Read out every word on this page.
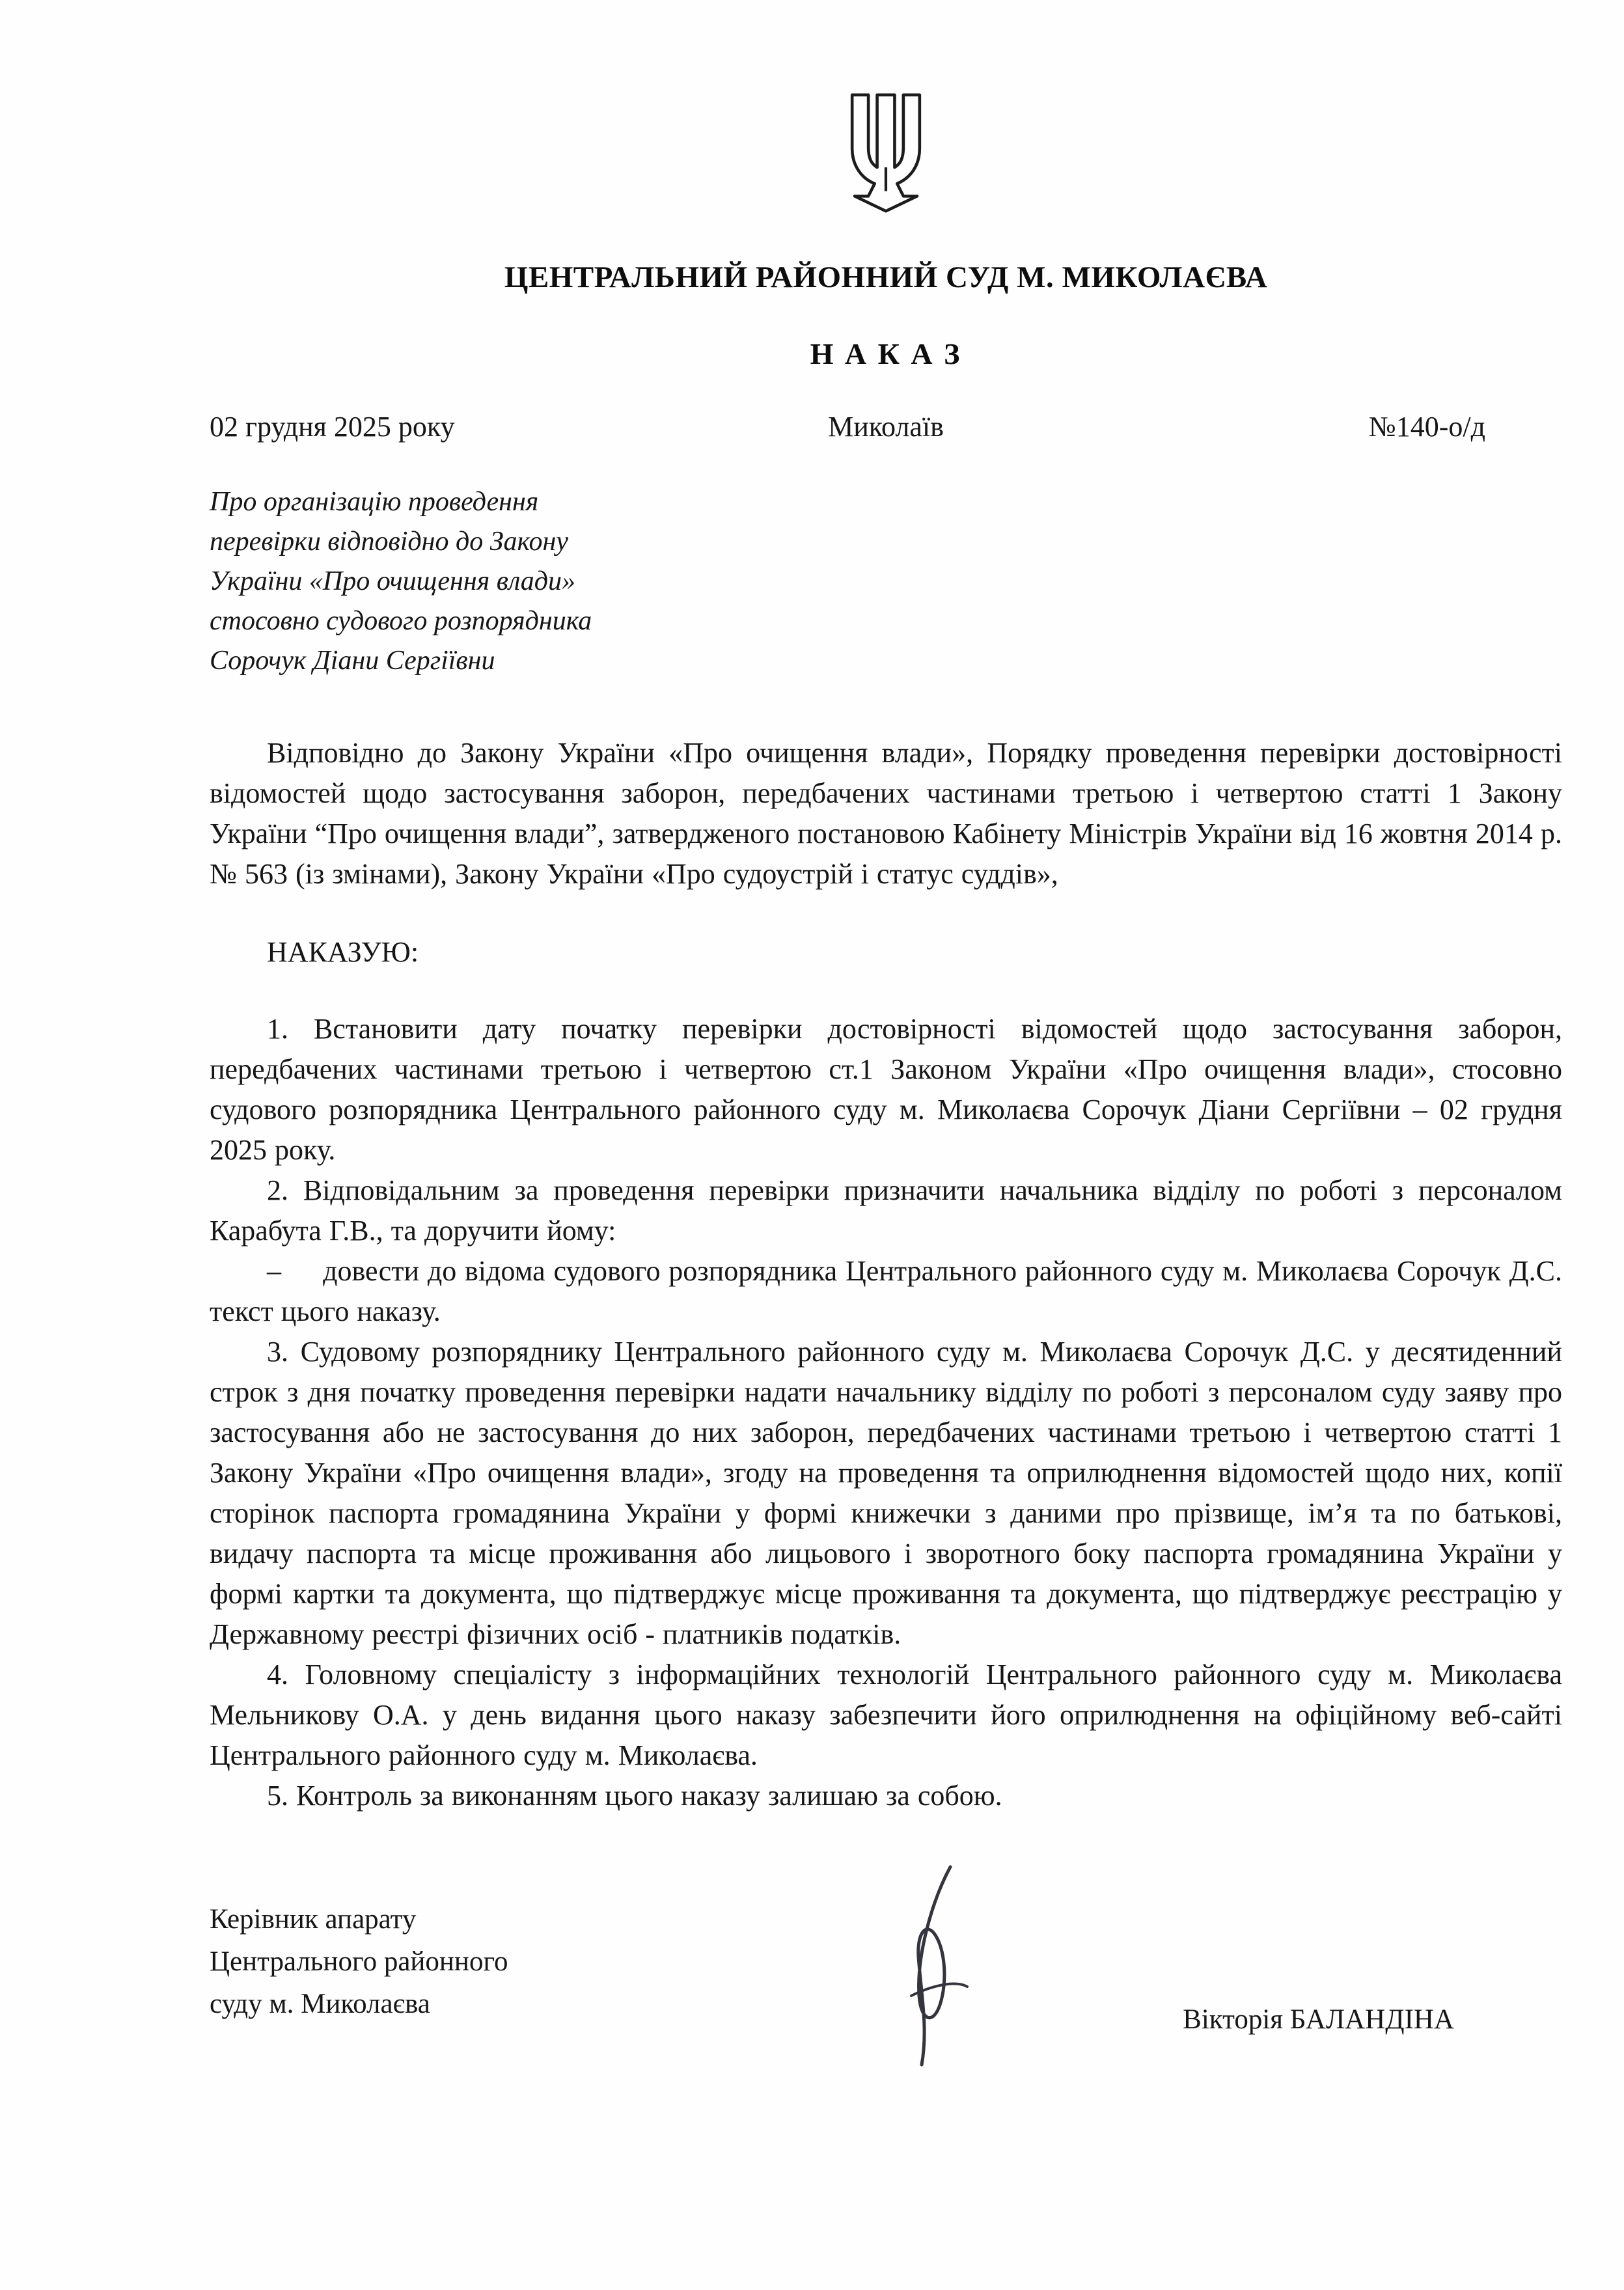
ЦЕНТРАЛЬНИЙ РАЙОННИЙ СУД М. МИКОЛАЄВА
Н А К А З
02 грудня 2025 року	Миколаїв	№140-о/д
Про організацію проведення
перевірки відповідно до Закону
України «Про очищення влади»
стосовно судового розпорядника
Сорочук Діани Сергіївни

Відповідно до Закону України «Про очищення влади», Порядку проведення перевірки достовірності відомостей щодо застосування заборон, передбачених частинами третьою і четвертою статті 1 Закону України “Про очищення влади”, затвердженого постановою Кабінету Міністрів України від 16 жовтня 2014 р. № 563 (із змінами), Закону України «Про судоустрій і статус суддів»,

НАКАЗУЮ:

1. Встановити дату початку перевірки достовірності відомостей щодо застосування заборон, передбачених частинами третьою і четвертою ст.1 Законом України «Про очищення влади», стосовно судового розпорядника Центрального районного суду м. Миколаєва Сорочук Діани Сергіївни – 02 грудня 2025 року.

2. Відповідальним за проведення перевірки призначити начальника відділу по роботі з персоналом Карабута Г.В., та доручити йому:

–     довести до відома судового розпорядника Центрального районного суду м. Миколаєва Сорочук Д.С. текст цього наказу.

3. Судовому розпоряднику Центрального районного суду м. Миколаєва Сорочук Д.С. у десятиденний строк з дня початку проведення перевірки надати начальнику відділу по роботі з персоналом суду заяву про застосування або не застосування до них заборон, передбачених частинами третьою і четвертою статті 1 Закону України «Про очищення влади», згоду на проведення та оприлюднення відомостей щодо них, копії сторінок паспорта громадянина України у формі книжечки з даними про прізвище, імʼя та по батькові, видачу паспорта та місце проживання або лицьового і зворотного боку паспорта громадянина України у формі картки та документа, що підтверджує місце проживання та документа, що підтверджує реєстрацію у Державному реєстрі фізичних осіб - платників податків.

4. Головному спеціалісту з інформаційних технологій Центрального районного суду м. Миколаєва Мельникову О.А. у день видання цього наказу забезпечити його оприлюднення на офіційному веб-сайті Центрального районного суду м. Миколаєва.

5. Контроль за виконанням цього наказу залишаю за собою.

Керівник апарату
Центрального районного
суду м. Миколаєва
Вікторія БАЛАНДІНА
